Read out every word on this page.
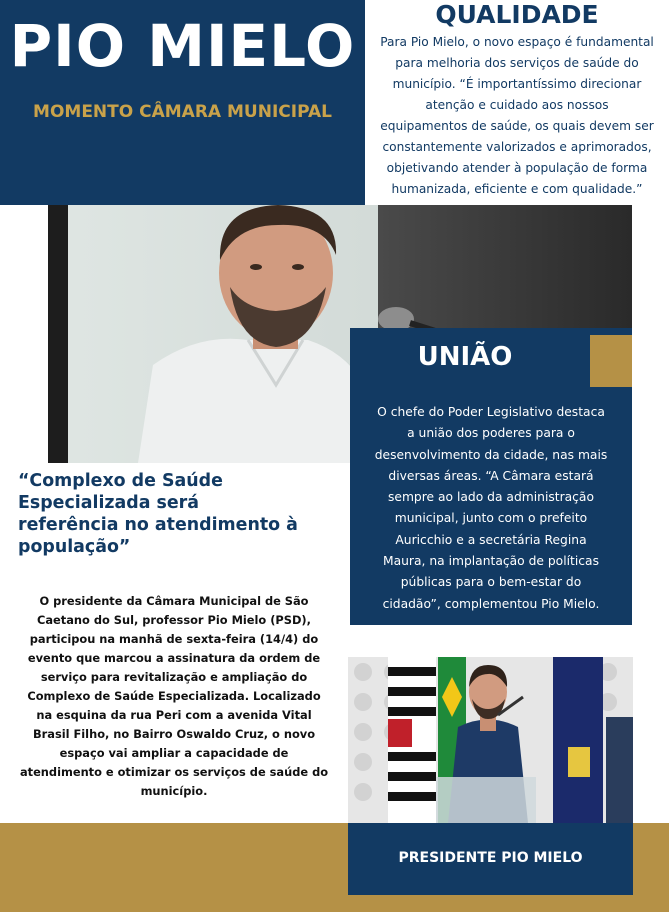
PIO MIELO
MOMENTO CÂMARA MUNICIPAL
QUALIDADE
Para Pio Mielo, o novo espaço é fundamental
para melhoria dos serviços de saúde do
município. “É importantíssimo direcionar
atenção e cuidado aos nossos
equipamentos de saúde, os quais devem ser
constantemente valorizados e aprimorados,
objetivando atender à população de forma
humanizada, eficiente e com qualidade.”
UNIÃO
O chefe do Poder Legislativo destaca
a união dos poderes para o
desenvolvimento da cidade, nas mais
diversas áreas. “A Câmara estará
sempre ao lado da administração
municipal, junto com o prefeito
Auricchio e a secretária Regina
Maura, na implantação de políticas
públicas para o bem-estar do
cidadão”, complementou Pio Mielo.
“Complexo de Saúde
Especializada será
referência no atendimento à
população”
O presidente da Câmara Municipal de São
Caetano do Sul, professor Pio Mielo (PSD),
participou na manhã de sexta-feira (14/4) do
evento que marcou a assinatura da ordem de
serviço para revitalização e ampliação do
Complexo de Saúde Especializada. Localizado
na esquina da rua Peri com a avenida Vital
Brasil Filho, no Bairro Oswaldo Cruz, o novo
espaço vai ampliar a capacidade de
atendimento e otimizar os serviços de saúde do
município.
PRESIDENTE PIO MIELO
